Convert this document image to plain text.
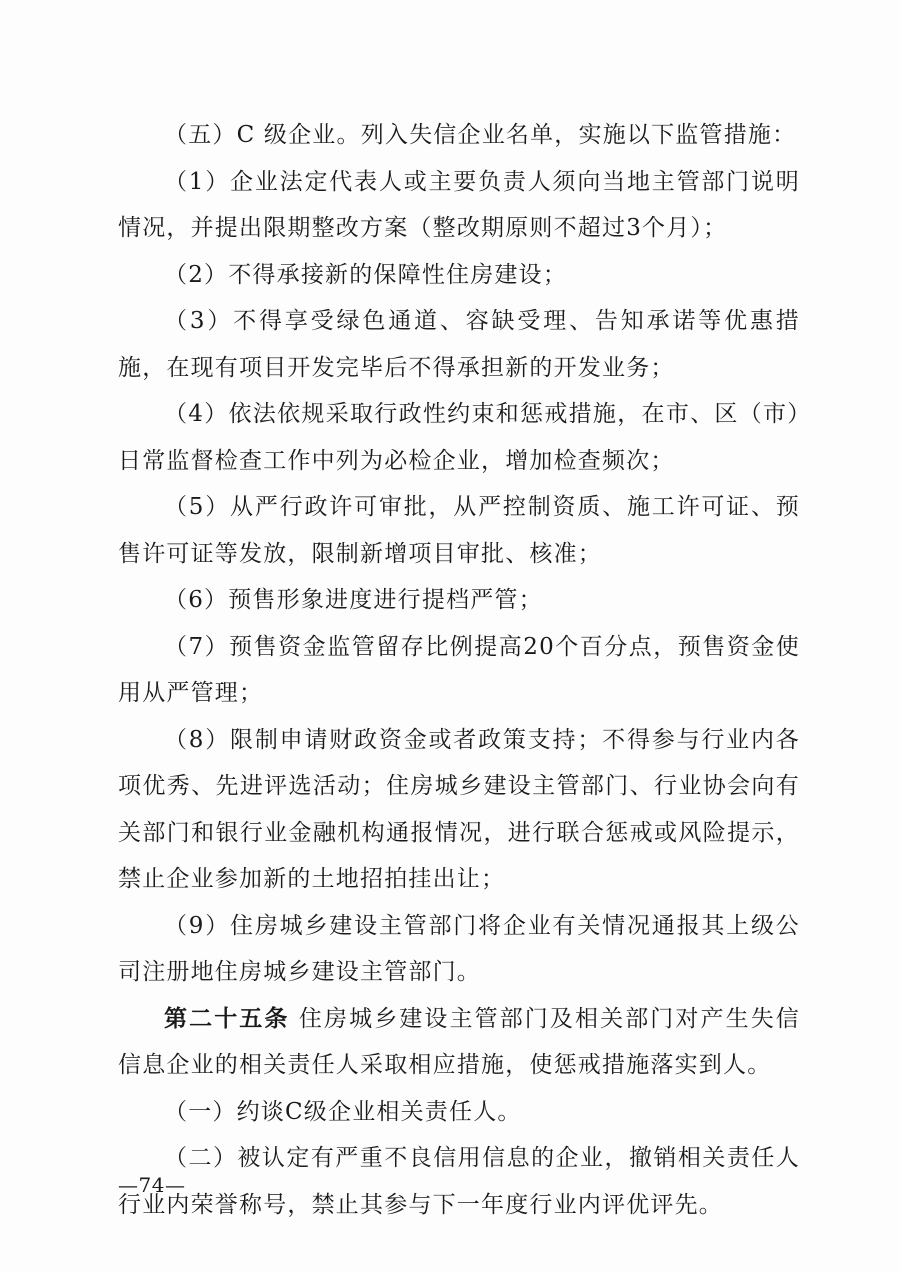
（五）C 级企业。列入失信企业名单，实施以下监管措施：

（1）企业法定代表人或主要负责人须向当地主管部门说明情况，并提出限期整改方案（整改期原则不超过3个月）；

（2）不得承接新的保障性住房建设；

（3）不得享受绿色通道、容缺受理、告知承诺等优惠措施，在现有项目开发完毕后不得承担新的开发业务；

（4）依法依规采取行政性约束和惩戒措施，在市、区（市）日常监督检查工作中列为必检企业，增加检查频次；

（5）从严行政许可审批，从严控制资质、施工许可证、预售许可证等发放，限制新增项目审批、核准；

（6）预售形象进度进行提档严管；

（7）预售资金监管留存比例提高20个百分点，预售资金使用从严管理；

（8）限制申请财政资金或者政策支持；不得参与行业内各项优秀、先进评选活动；住房城乡建设主管部门、行业协会向有关部门和银行业金融机构通报情况，进行联合惩戒或风险提示，禁止企业参加新的土地招拍挂出让；

（9）住房城乡建设主管部门将企业有关情况通报其上级公司注册地住房城乡建设主管部门。

第二十五条 住房城乡建设主管部门及相关部门对产生失信信息企业的相关责任人采取相应措施，使惩戒措施落实到人。

（一）约谈C级企业相关责任人。

（二）被认定有严重不良信用信息的企业，撤销相关责任人行业内荣誉称号，禁止其参与下一年度行业内评优评先。

—74—
